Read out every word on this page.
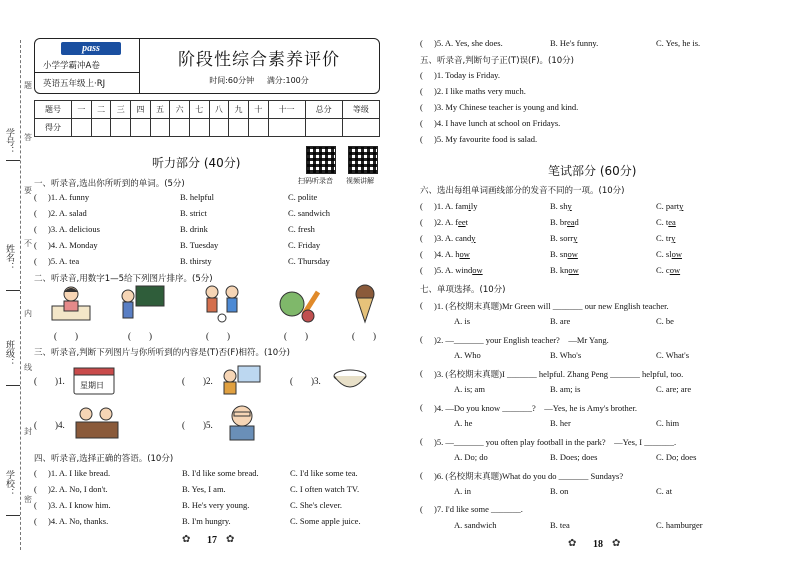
学号：
姓名：
班级：
学校：
题
答
要
不
内
线
封
密
pass
小学学霸冲A卷
英语五年级上·RJ
阶段性综合素养评价
时间:60分钟 满分:100分
题号	一	二	三	四	五	六	七	八	九	十	十一	总分	等级
得分													
听力部分 (40分)
扫码听录音 视频讲解
一、听录音,选出你所听到的单词。(5分)
( )1. A. funny	B. helpful	C. polite
( )2. A. salad	B. strict	C. sandwich
( )3. A. delicious	B. drink	C. fresh
( )4. A. Monday	B. Tuesday	C. Friday
( )5. A. tea	B. thirsty	C. Thursday
二、听录音,用数字1—5给下列图片排序。(5分)
(　　)	(　　)	(　　)	(　　)	(　　)
三、听录音,判断下列图片与你所听到的内容是(T)否(F)相符。(10分)
(　　)1. 星期日	(　　)2.	(　　)3.
(　　)4.	(　　)5.
四、听录音,选择正确的答语。(10分)
( )1. A. I like bread.	B. I'd like some bread.	C. I'd like some tea.
( )2. A. No, I don't.	B. Yes, I am.	C. I often watch TV.
( )3. A. I know him.	B. He's very young.	C. She's clever.
( )4. A. No, thanks.	B. I'm hungry.	C. Some apple juice.
✿	17 ✿
( )5. A. Yes, she does.	B. He's funny.	C. Yes, he is.
五、听录音,判断句子正(T)误(F)。(10分)
( )1. Today is Friday.
( )2. I like maths very much.
( )3. My Chinese teacher is young and kind.
( )4. I have lunch at school on Fridays.
( )5. My favourite food is salad.
笔试部分 (60分)
六、选出每组单词画线部分的发音不同的一项。(10分)
( )1. A. family	B. shy	C. party
( )2. A. feet	B. bread	C. tea
( )3. A. candy	B. sorry	C. try
( )4. A. how	B. snow	C. slow
( )5. A. window	B. know	C. cow
七、单项选择。(10分)
( )1. (名校期末真题)Mr Green will _______ our new English teacher.
A. is	B. are	C. be
( )2. —_______ your English teacher?　—Mr Yang.
A. Who	B. Who's	C. What's
( )3. (名校期末真题)I _______ helpful. Zhang Peng _______ helpful, too.
A. is; am	B. am; is	C. are; are
( )4. —Do you know _______?　—Yes, he is Amy's brother.
A. he	B. her	C. him
( )5. —_______ you often play football in the park?　—Yes, I _______.
A. Do; do	B. Does; does	C. Do; does
( )6. (名校期末真题)What do you do _______ Sundays?
A. in	B. on	C. at
( )7. I'd like some _______.
A. sandwich	B. tea	C. hamburger
✿	18 ✿
